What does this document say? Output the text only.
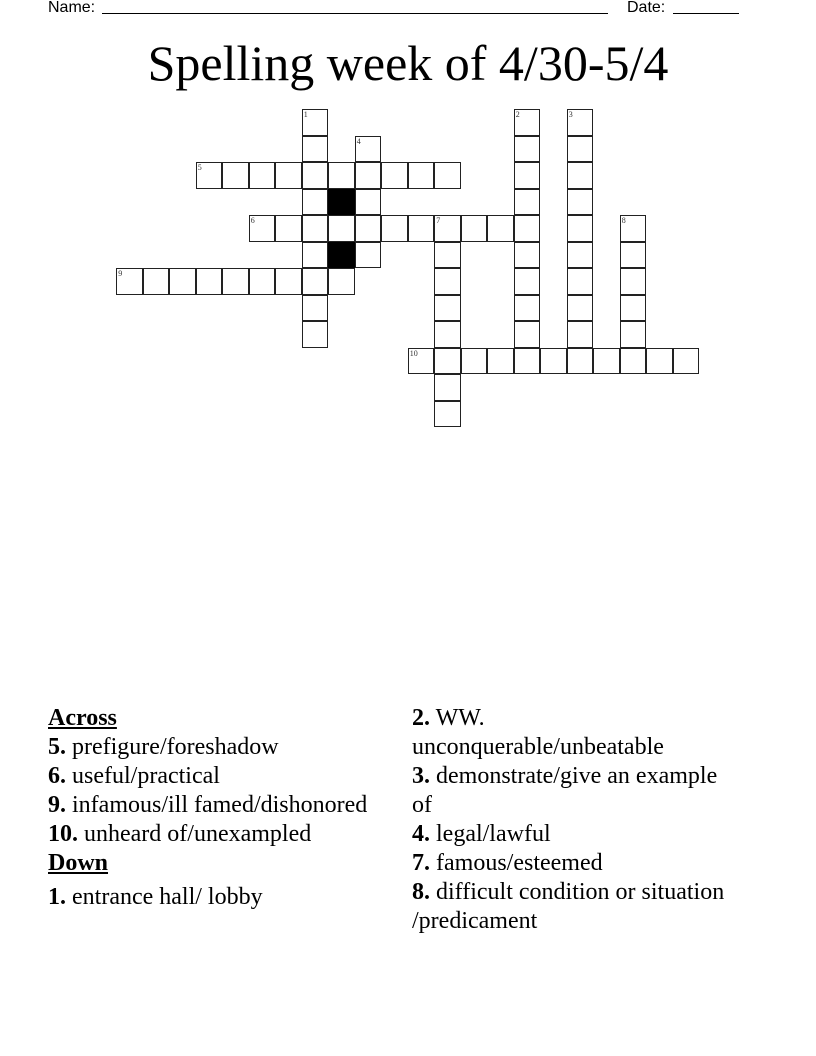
Name:	Date:
Spelling week of 4/30-5/4
1	2	3
4
5
6	7	8
9
10

Across

5. prefigure/foreshadow

6. useful/practical

9. infamous/ill famed/dishonored

10. unheard of/unexampled

Down

1. entrance hall/ lobby

2. WW. unconquerable/unbeatable

3. demonstrate/give an example of

4. legal/lawful

7. famous/esteemed

8. difficult condition or situation /predicament
